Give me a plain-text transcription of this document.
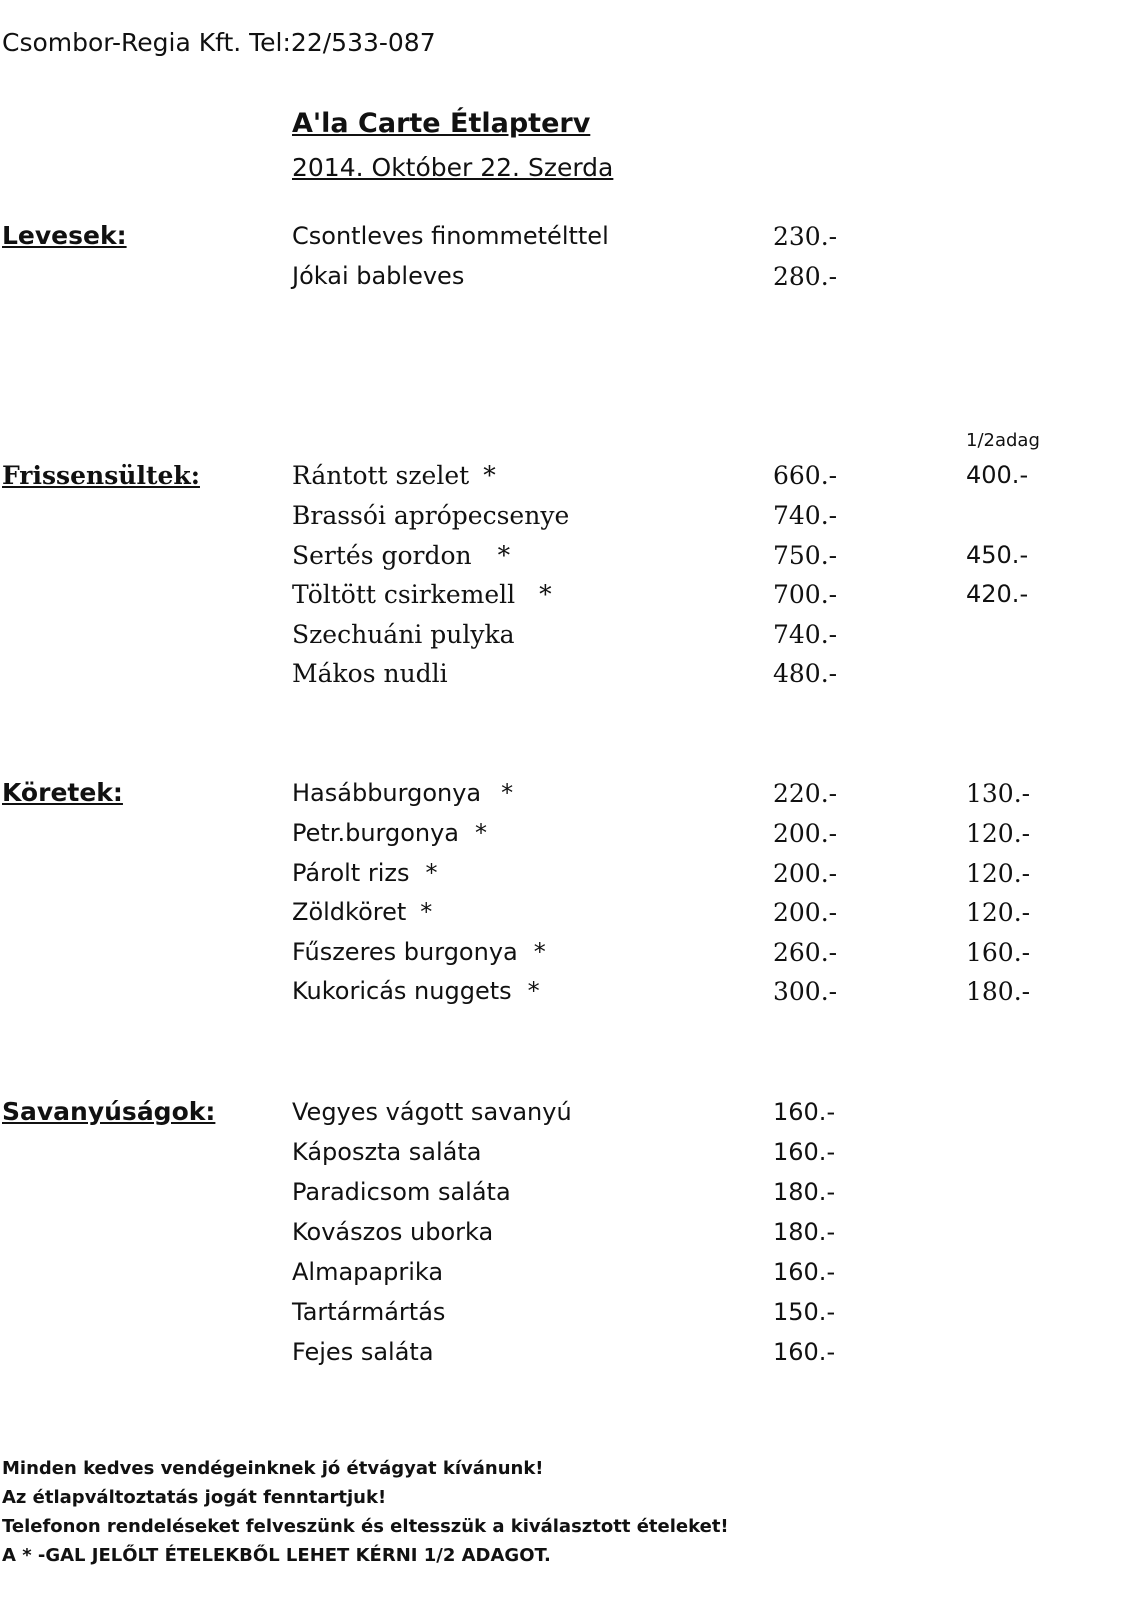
Csombor-Regia Kft. Tel:22/533-087
A'la Carte Étlapterv
2014. Október 22. Szerda
Levesek:	Csontleves finommetélttel	230.-
Jókai bableves	280.-
1/2adag
Frissensültek:	Rántott szelet *	660.-	400.-
Brassói aprópecsenye	740.-
Sertés gordon *	750.-	450.-
Töltött csirkemell *	700.-	420.-
Szechuáni pulyka	740.-
Mákos nudli	480.-
Köretek:	Hasábburgonya *	220.-	130.-
Petr.burgonya *	200.-	120.-
Párolt rizs *	200.-	120.-
Zöldköret *	200.-	120.-
Fűszeres burgonya *	260.-	160.-
Kukoricás nuggets *	300.-	180.-
Savanyúságok:	Vegyes vágott savanyú	160.-
Káposzta saláta	160.-
Paradicsom saláta	180.-
Kovászos uborka	180.-
Almapaprika	160.-
Tartármártás	150.-
Fejes saláta	160.-
Minden kedves vendégeinknek jó étvágyat kívánunk!
Az étlapváltoztatás jogát fenntartjuk!
Telefonon rendeléseket felveszünk és eltesszük a kiválasztott ételeket!
A * -GAL JELŐLT ÉTELEKBŐL LEHET KÉRNI 1/2 ADAGOT.
